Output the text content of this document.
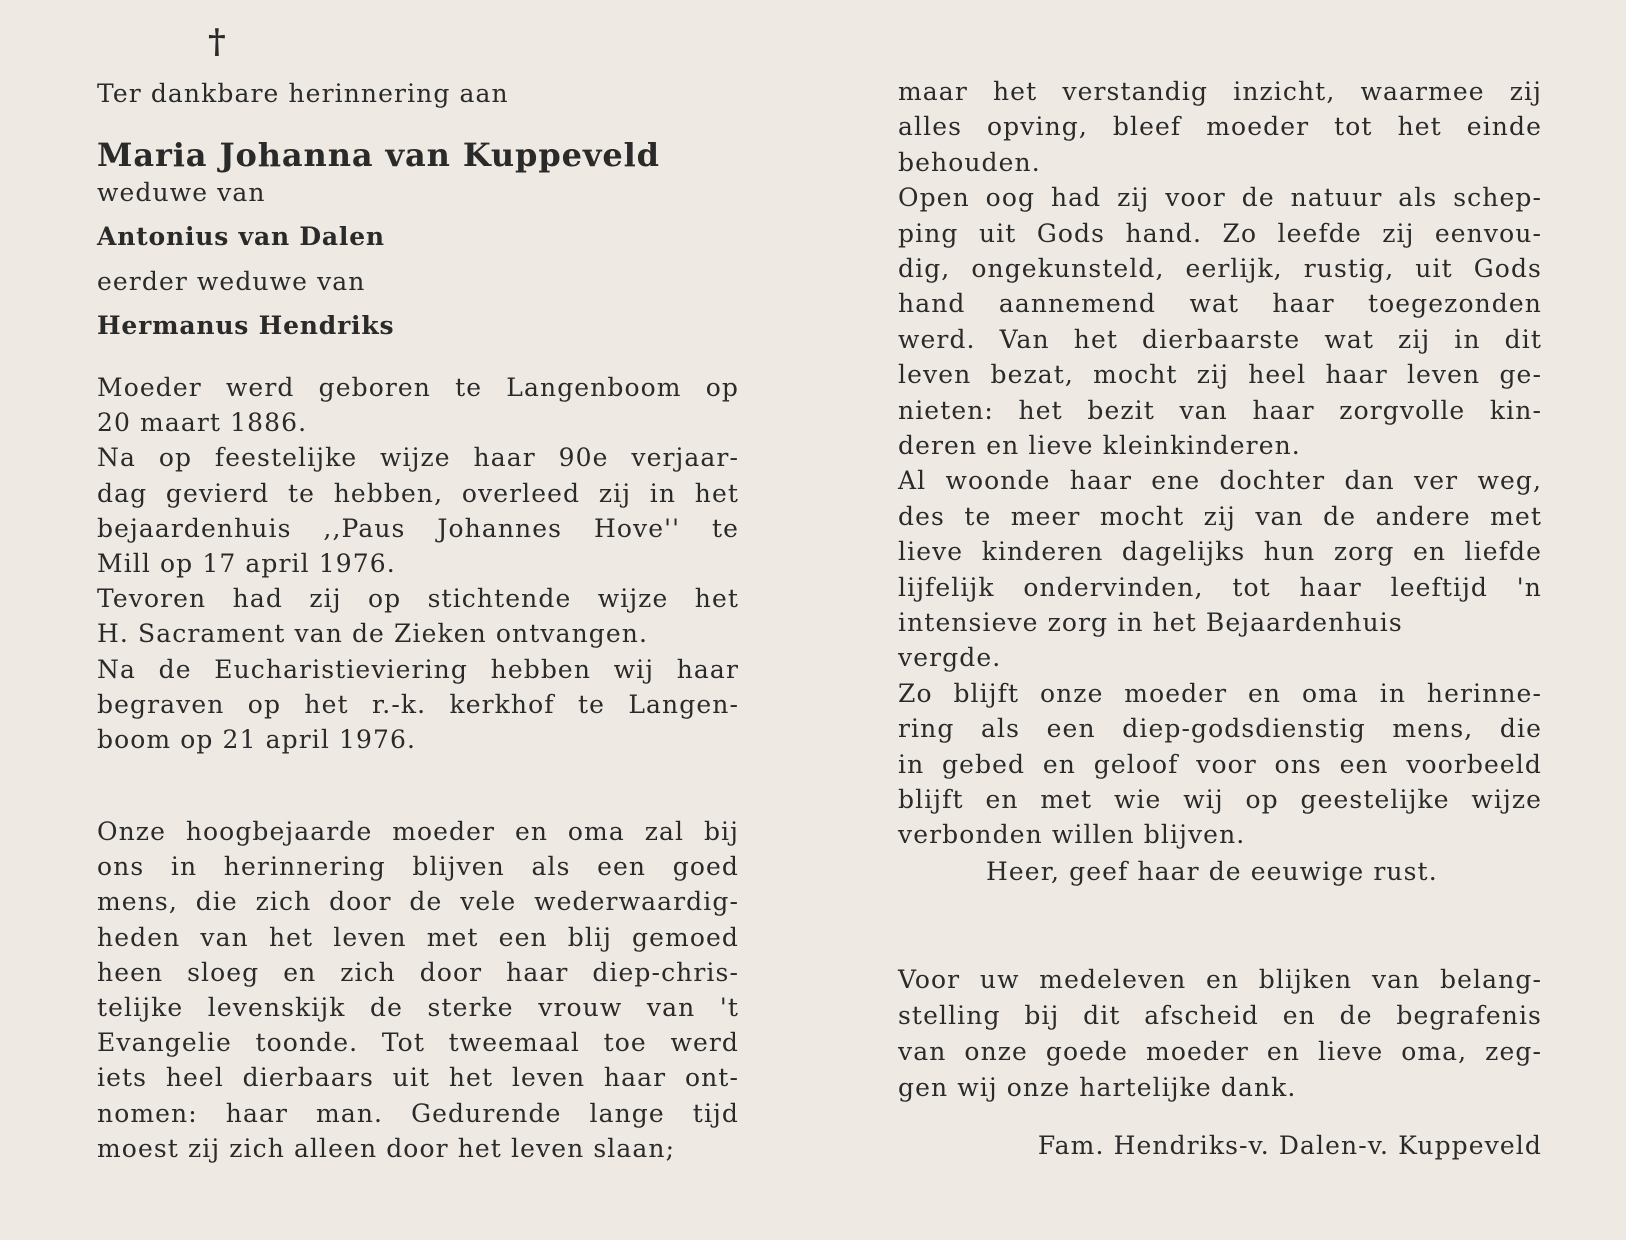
†
Ter dankbare herinnering aan
Maria Johanna van Kuppeveld
weduwe van
Antonius van Dalen
eerder weduwe van
Hermanus Hendriks
Moeder werd geboren te Langenboom op
20 maart 1886.
Na op feestelijke wijze haar 90e verjaar-
dag gevierd te hebben, overleed zij in het
bejaardenhuis ,,Paus Johannes Hove'' te
Mill op 17 april 1976.
Tevoren had zij op stichtende wijze het
H. Sacrament van de Zieken ontvangen.
Na de Eucharistieviering hebben wij haar
begraven op het r.-k. kerkhof te Langen-
boom op 21 april 1976.
Onze hoogbejaarde moeder en oma zal bij
ons in herinnering blijven als een goed
mens, die zich door de vele wederwaardig-
heden van het leven met een blij gemoed
heen sloeg en zich door haar diep-chris-
telijke levenskijk de sterke vrouw van 't
Evangelie toonde. Tot tweemaal toe werd
iets heel dierbaars uit het leven haar ont-
nomen: haar man. Gedurende lange tijd
moest zij zich alleen door het leven slaan;
maar het verstandig inzicht, waarmee zij
alles opving, bleef moeder tot het einde
behouden.
Open oog had zij voor de natuur als schep-
ping uit Gods hand. Zo leefde zij eenvou-
dig, ongekunsteld, eerlijk, rustig, uit Gods
hand aannemend wat haar toegezonden
werd. Van het dierbaarste wat zij in dit
leven bezat, mocht zij heel haar leven ge-
nieten: het bezit van haar zorgvolle kin-
deren en lieve kleinkinderen.
Al woonde haar ene dochter dan ver weg,
des te meer mocht zij van de andere met
lieve kinderen dagelijks hun zorg en liefde
lijfelijk ondervinden, tot haar leeftijd 'n
intensieve zorg in het Bejaardenhuis
vergde.
Zo blijft onze moeder en oma in herinne-
ring als een diep-godsdienstig mens, die
in gebed en geloof voor ons een voorbeeld
blijft en met wie wij op geestelijke wijze
verbonden willen blijven.
Heer, geef haar de eeuwige rust.
Voor uw medeleven en blijken van belang-
stelling bij dit afscheid en de begrafenis
van onze goede moeder en lieve oma, zeg-
gen wij onze hartelijke dank.
Fam. Hendriks-v. Dalen-v. Kuppeveld
